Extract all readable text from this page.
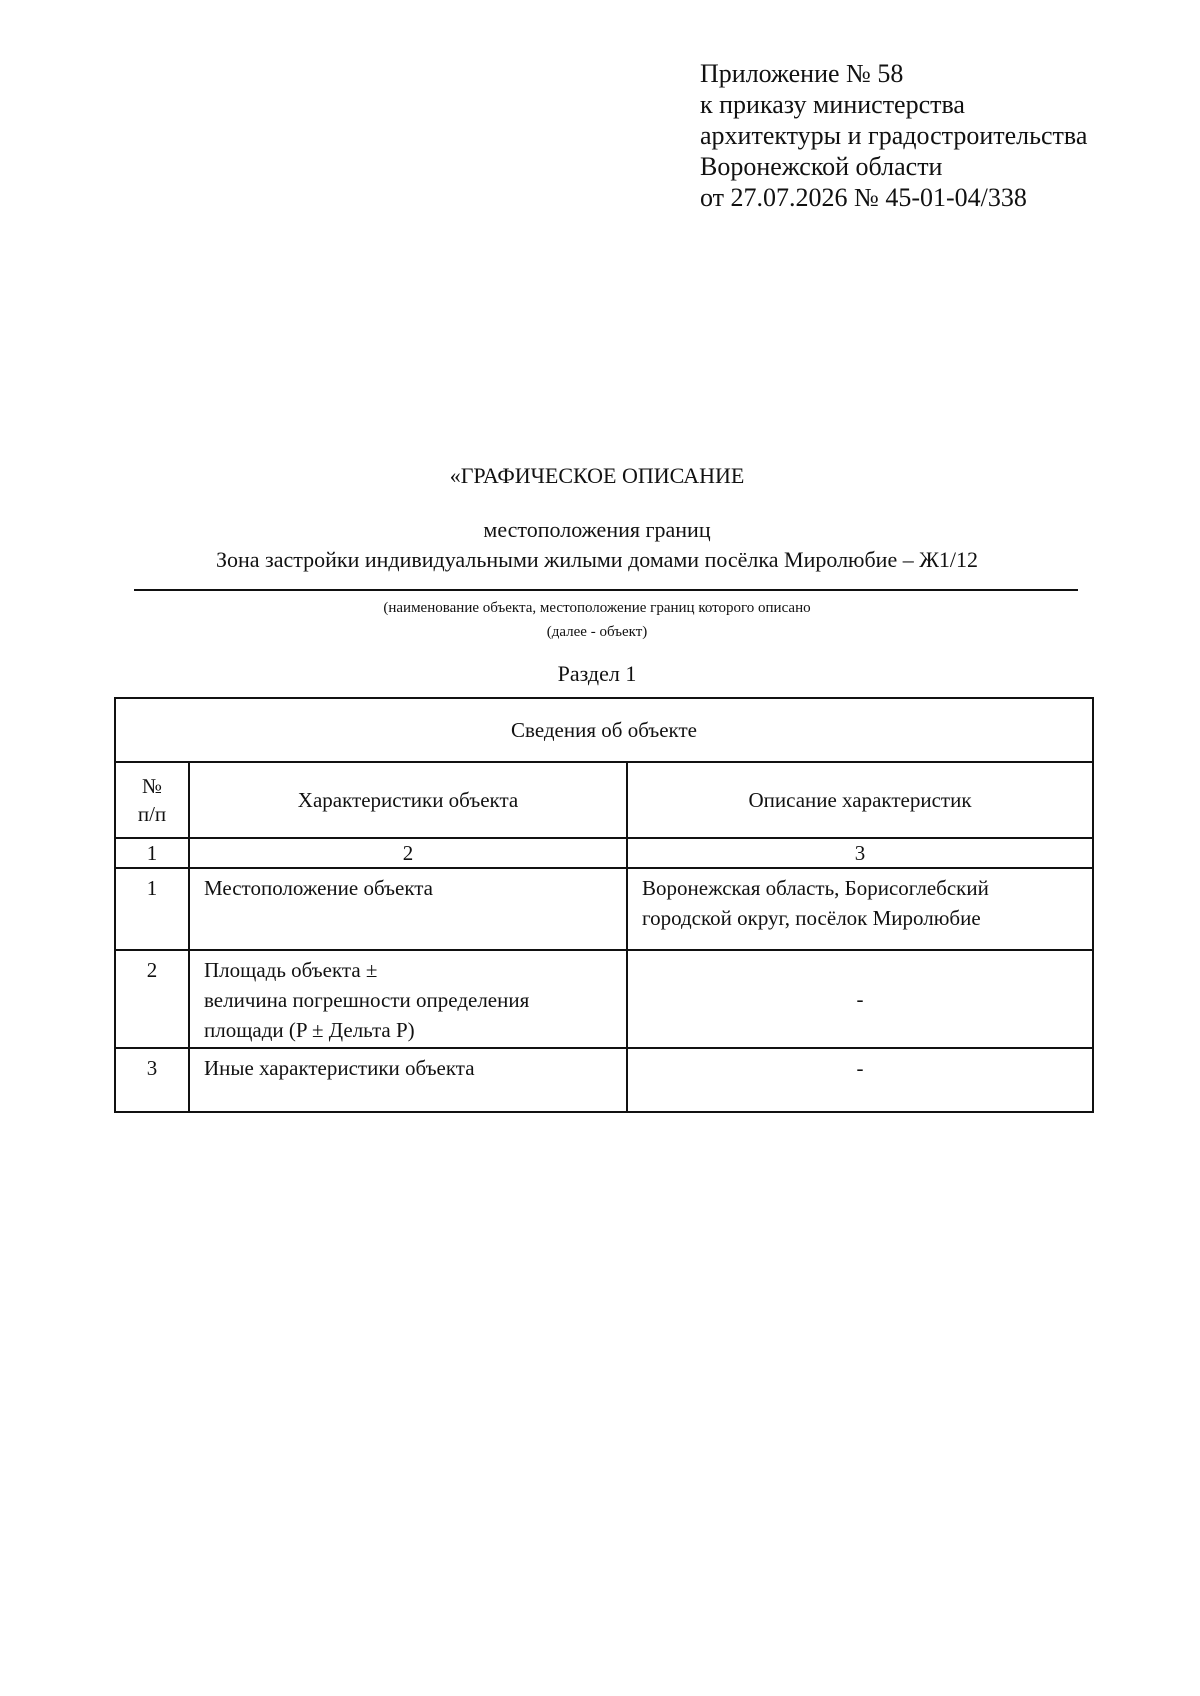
Приложение № 58
к приказу министерства
архитектуры и градостроительства
Воронежской области
от 27.07.2026 № 45-01-04/338
«ГРАФИЧЕСКОЕ ОПИСАНИЕ
местоположения границ
Зона застройки индивидуальными жилыми домами посёлка Миролюбие – Ж1/12
(наименование объекта, местоположение границ которого описано
(далее - объект)
Раздел 1
Сведения об объекте		
№
п/п	Характеристики объекта	Описание характеристик
1	2	3
1	Местоположение объекта	Воронежская область, Борисоглебский городской округ, посёлок Миролюбие
2	Площадь объекта ±
величина погрешности определения
площади (P ± Дельта P)	-
3	Иные характеристики объекта	-
